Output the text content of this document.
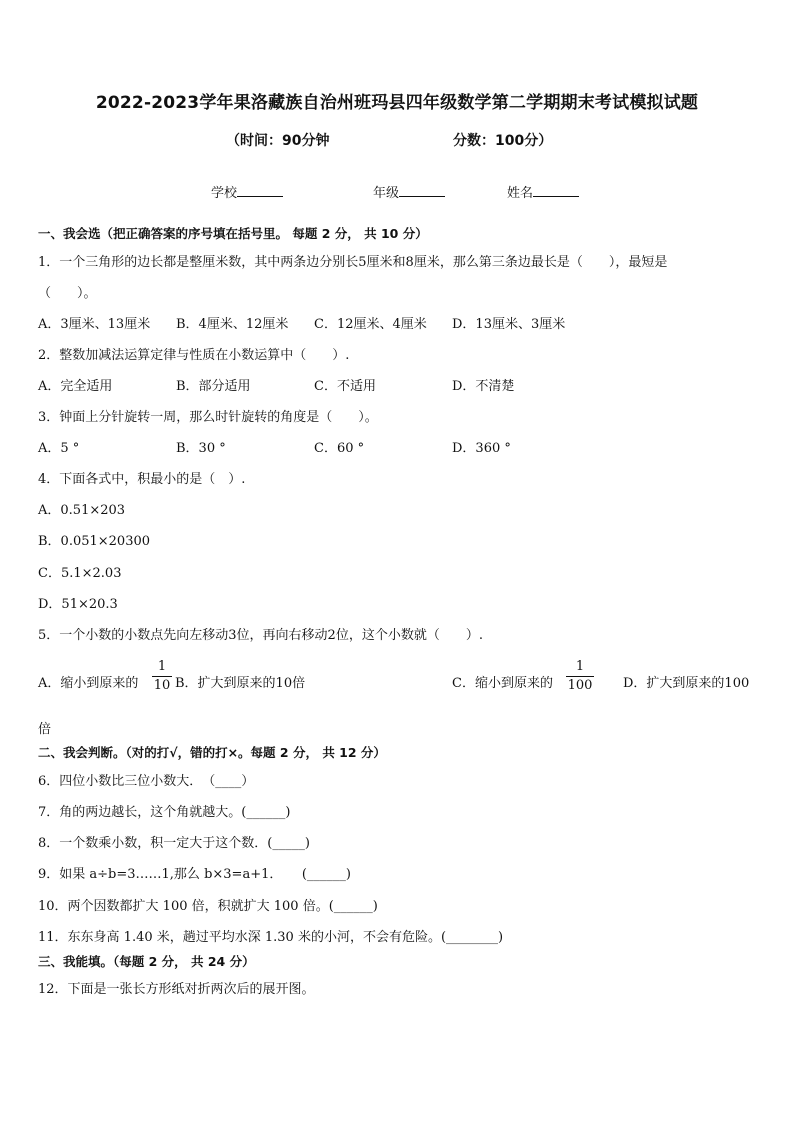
2022-2023学年果洛藏族自治州班玛县四年级数学第二学期期末考试模拟试题
（时间：90分钟	分数：100分）
学校	年级	姓名
一、我会选（把正确答案的序号填在括号里。 每题 2 分， 共 10 分）
1．一个三角形的边长都是整厘米数，其中两条边分别长5厘米和8厘米，那么第三条边最长是（　　），最短是
（　　）。
A．3厘米、13厘米 B．4厘米、12厘米 C．12厘米、4厘米 D．13厘米、3厘米
2．整数加减法运算定律与性质在小数运算中（　　）.
A．完全适用	B．部分适用	C．不适用	D．不清楚
3．钟面上分针旋转一周，那么时针旋转的角度是（　　）。
A．5 °	B．30 °	C．60 °	D．360 °
4．下面各式中，积最小的是（　）.
A．0.51×203
B．0.051×20300
C．5.1×2.03
D．51×20.3
5．一个小数的小数点先向左移动3位，再向右移动2位，这个小数就（　　）.
A．缩小到原来的
1
10 B．扩大到原来的10倍	C．缩小到原来的
1
100 D．扩大到原来的100
倍
二、我会判断。（对的打√，错的打×。每题 2 分， 共 12 分）
6．四位小数比三位小数大．　（____）
7．角的两边越长，这个角就越大。(______)
8．一个数乘小数，积一定大于这个数．(_____)
9．如果 a÷b=3……1,那么 b×3=a+1．　　(______)
10．两个因数都扩大 100 倍，积就扩大 100 倍。(______)
11．东东身高 1.40 米，趟过平均水深 1.30 米的小河，不会有危险。(________)
三、我能填。（每题 2 分， 共 24 分）
12．下面是一张长方形纸对折两次后的展开图。
